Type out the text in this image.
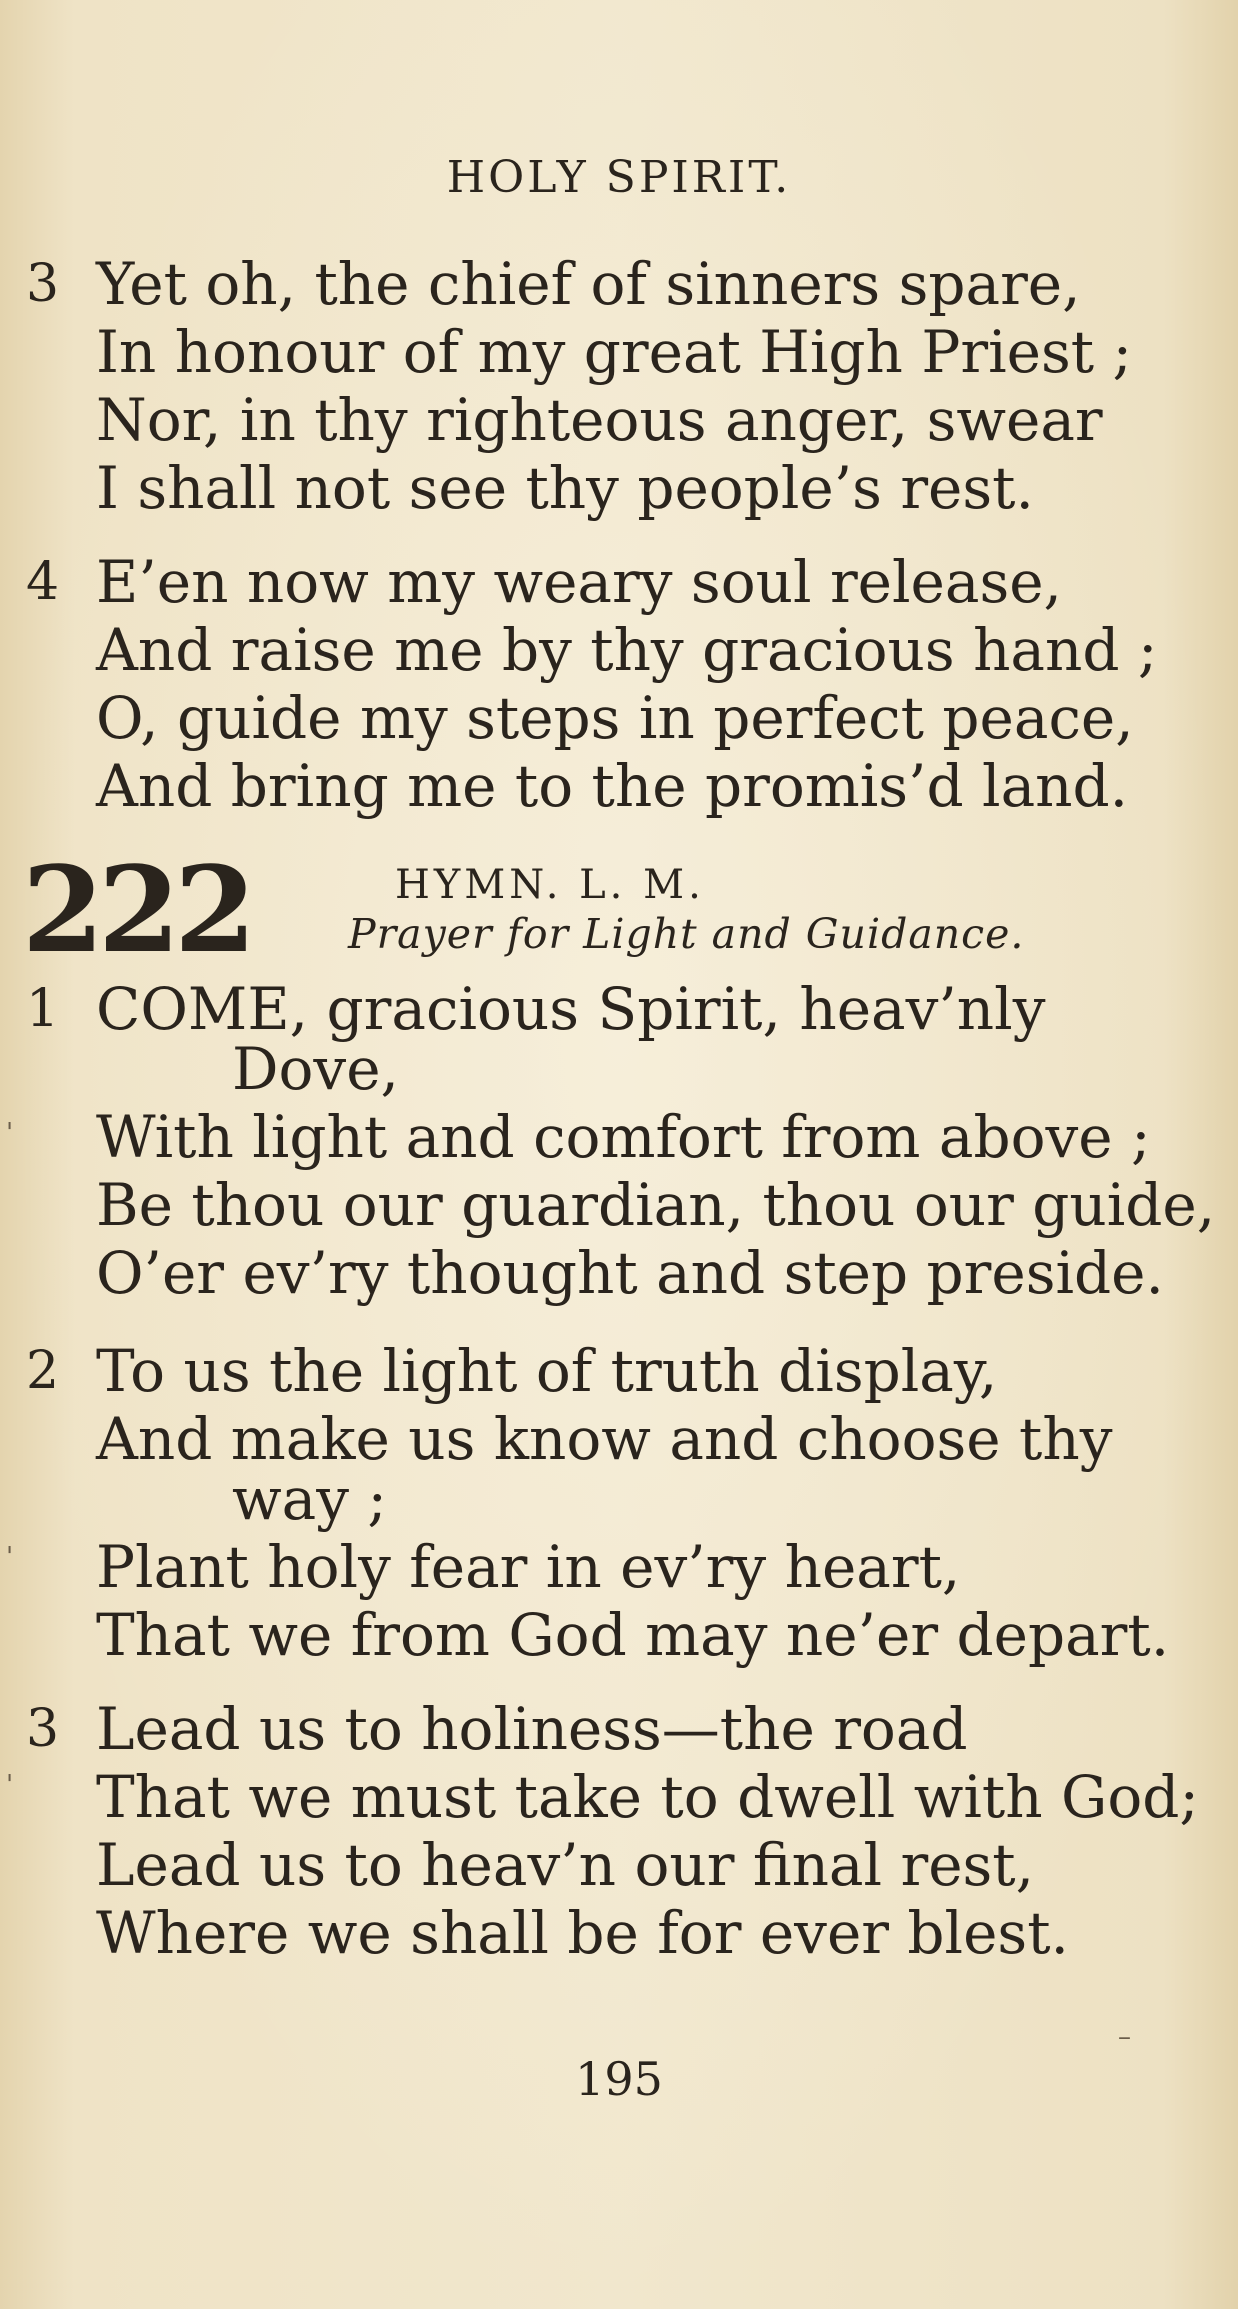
HOLY SPIRIT.
3 Yet oh, the chief of sinners spare,
In honour of my great High Priest ;
Nor, in thy righteous anger, swear
I shall not see thy people’s rest.
4 E’en now my weary soul release,
And raise me by thy gracious hand ;
O, guide my steps in perfect peace,
And bring me to the promis’d land.
222	HYMN. L. M.
Prayer for Light and Guidance.
1 COME, gracious Spirit, heav’nly
Dove,
With light and comfort from above ;
Be thou our guardian, thou our guide,
O’er ev’ry thought and step preside.
2 To us the light of truth display,
And make us know and choose thy
way ;
Plant holy fear in ev’ry heart,
That we from God may ne’er depart.
3 Lead us to holiness—the road
That we must take to dwell with God;
Lead us to heav’n our final rest,
Where we shall be for ever blest.
195
'
'
'
–
